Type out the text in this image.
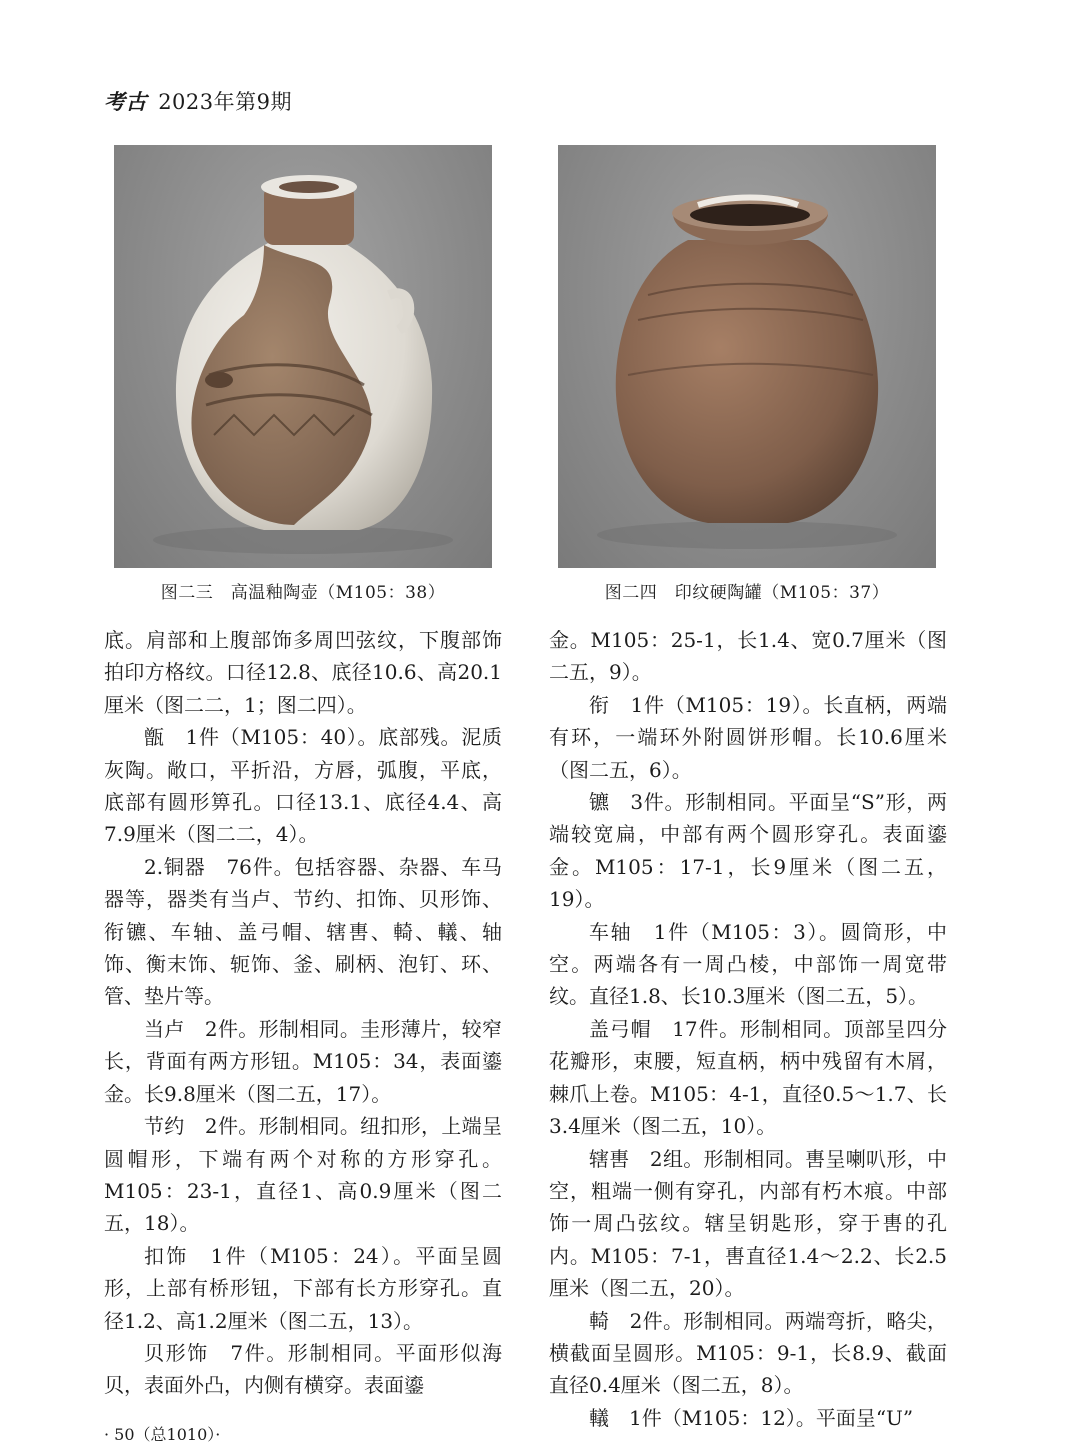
考古 2023年第9期
图二三　高温釉陶壶（M105：38）	图二四　印纹硬陶罐（M105：37）

底。肩部和上腹部饰多周凹弦纹，下腹部饰拍印方格纹。口径12.8、底径10.6、高20.1厘米（图二二，1；图二四）。

甑　1件（M105：40）。底部残。泥质灰陶。敞口，平折沿，方唇，弧腹，平底，底部有圆形箅孔。口径13.1、底径4.4、高7.9厘米（图二二，4）。

2.铜器　76件。包括容器、杂器、车马器等，器类有当卢、节约、扣饰、贝形饰、衔镳、车轴、盖弓帽、辖軎、輢、轙、轴饰、衡末饰、轭饰、釜、刷柄、泡钉、环、管、垫片等。

当卢　2件。形制相同。圭形薄片，较窄长，背面有两方形钮。M105：34，表面鎏金。长9.8厘米（图二五，17）。

节约　2件。形制相同。纽扣形，上端呈圆帽形，下端有两个对称的方形穿孔。M105：23-1，直径1、高0.9厘米（图二五，18）。

扣饰　1件（M105：24）。平面呈圆形，上部有桥形钮，下部有长方形穿孔。直径1.2、高1.2厘米（图二五，13）。

贝形饰　7件。形制相同。平面形似海贝，表面外凸，内侧有横穿。表面鎏

金。M105：25-1，长1.4、宽0.7厘米（图二五，9）。

衔　1件（M105：19）。长直柄，两端有环，一端环外附圆饼形帽。长10.6厘米（图二五，6）。

镳　3件。形制相同。平面呈“S”形，两端较宽扁，中部有两个圆形穿孔。表面鎏金。M105：17-1，长9厘米（图二五，19）。

车轴　1件（M105：3）。圆筒形，中空。两端各有一周凸棱，中部饰一周宽带纹。直径1.8、长10.3厘米（图二五，5）。

盖弓帽　17件。形制相同。顶部呈四分花瓣形，束腰，短直柄，柄中残留有木屑，棘爪上卷。M105：4-1，直径0.5～1.7、长3.4厘米（图二五，10）。

辖軎　2组。形制相同。軎呈喇叭形，中空，粗端一侧有穿孔，内部有朽木痕。中部饰一周凸弦纹。辖呈钥匙形，穿于軎的孔内。M105：7-1，軎直径1.4～2.2、长2.5厘米（图二五，20）。

輢　2件。形制相同。两端弯折，略尖，横截面呈圆形。M105：9-1，长8.9、截面直径0.4厘米（图二五，8）。

轙　1件（M105：12）。平面呈“U”

· 50（总1010）·
